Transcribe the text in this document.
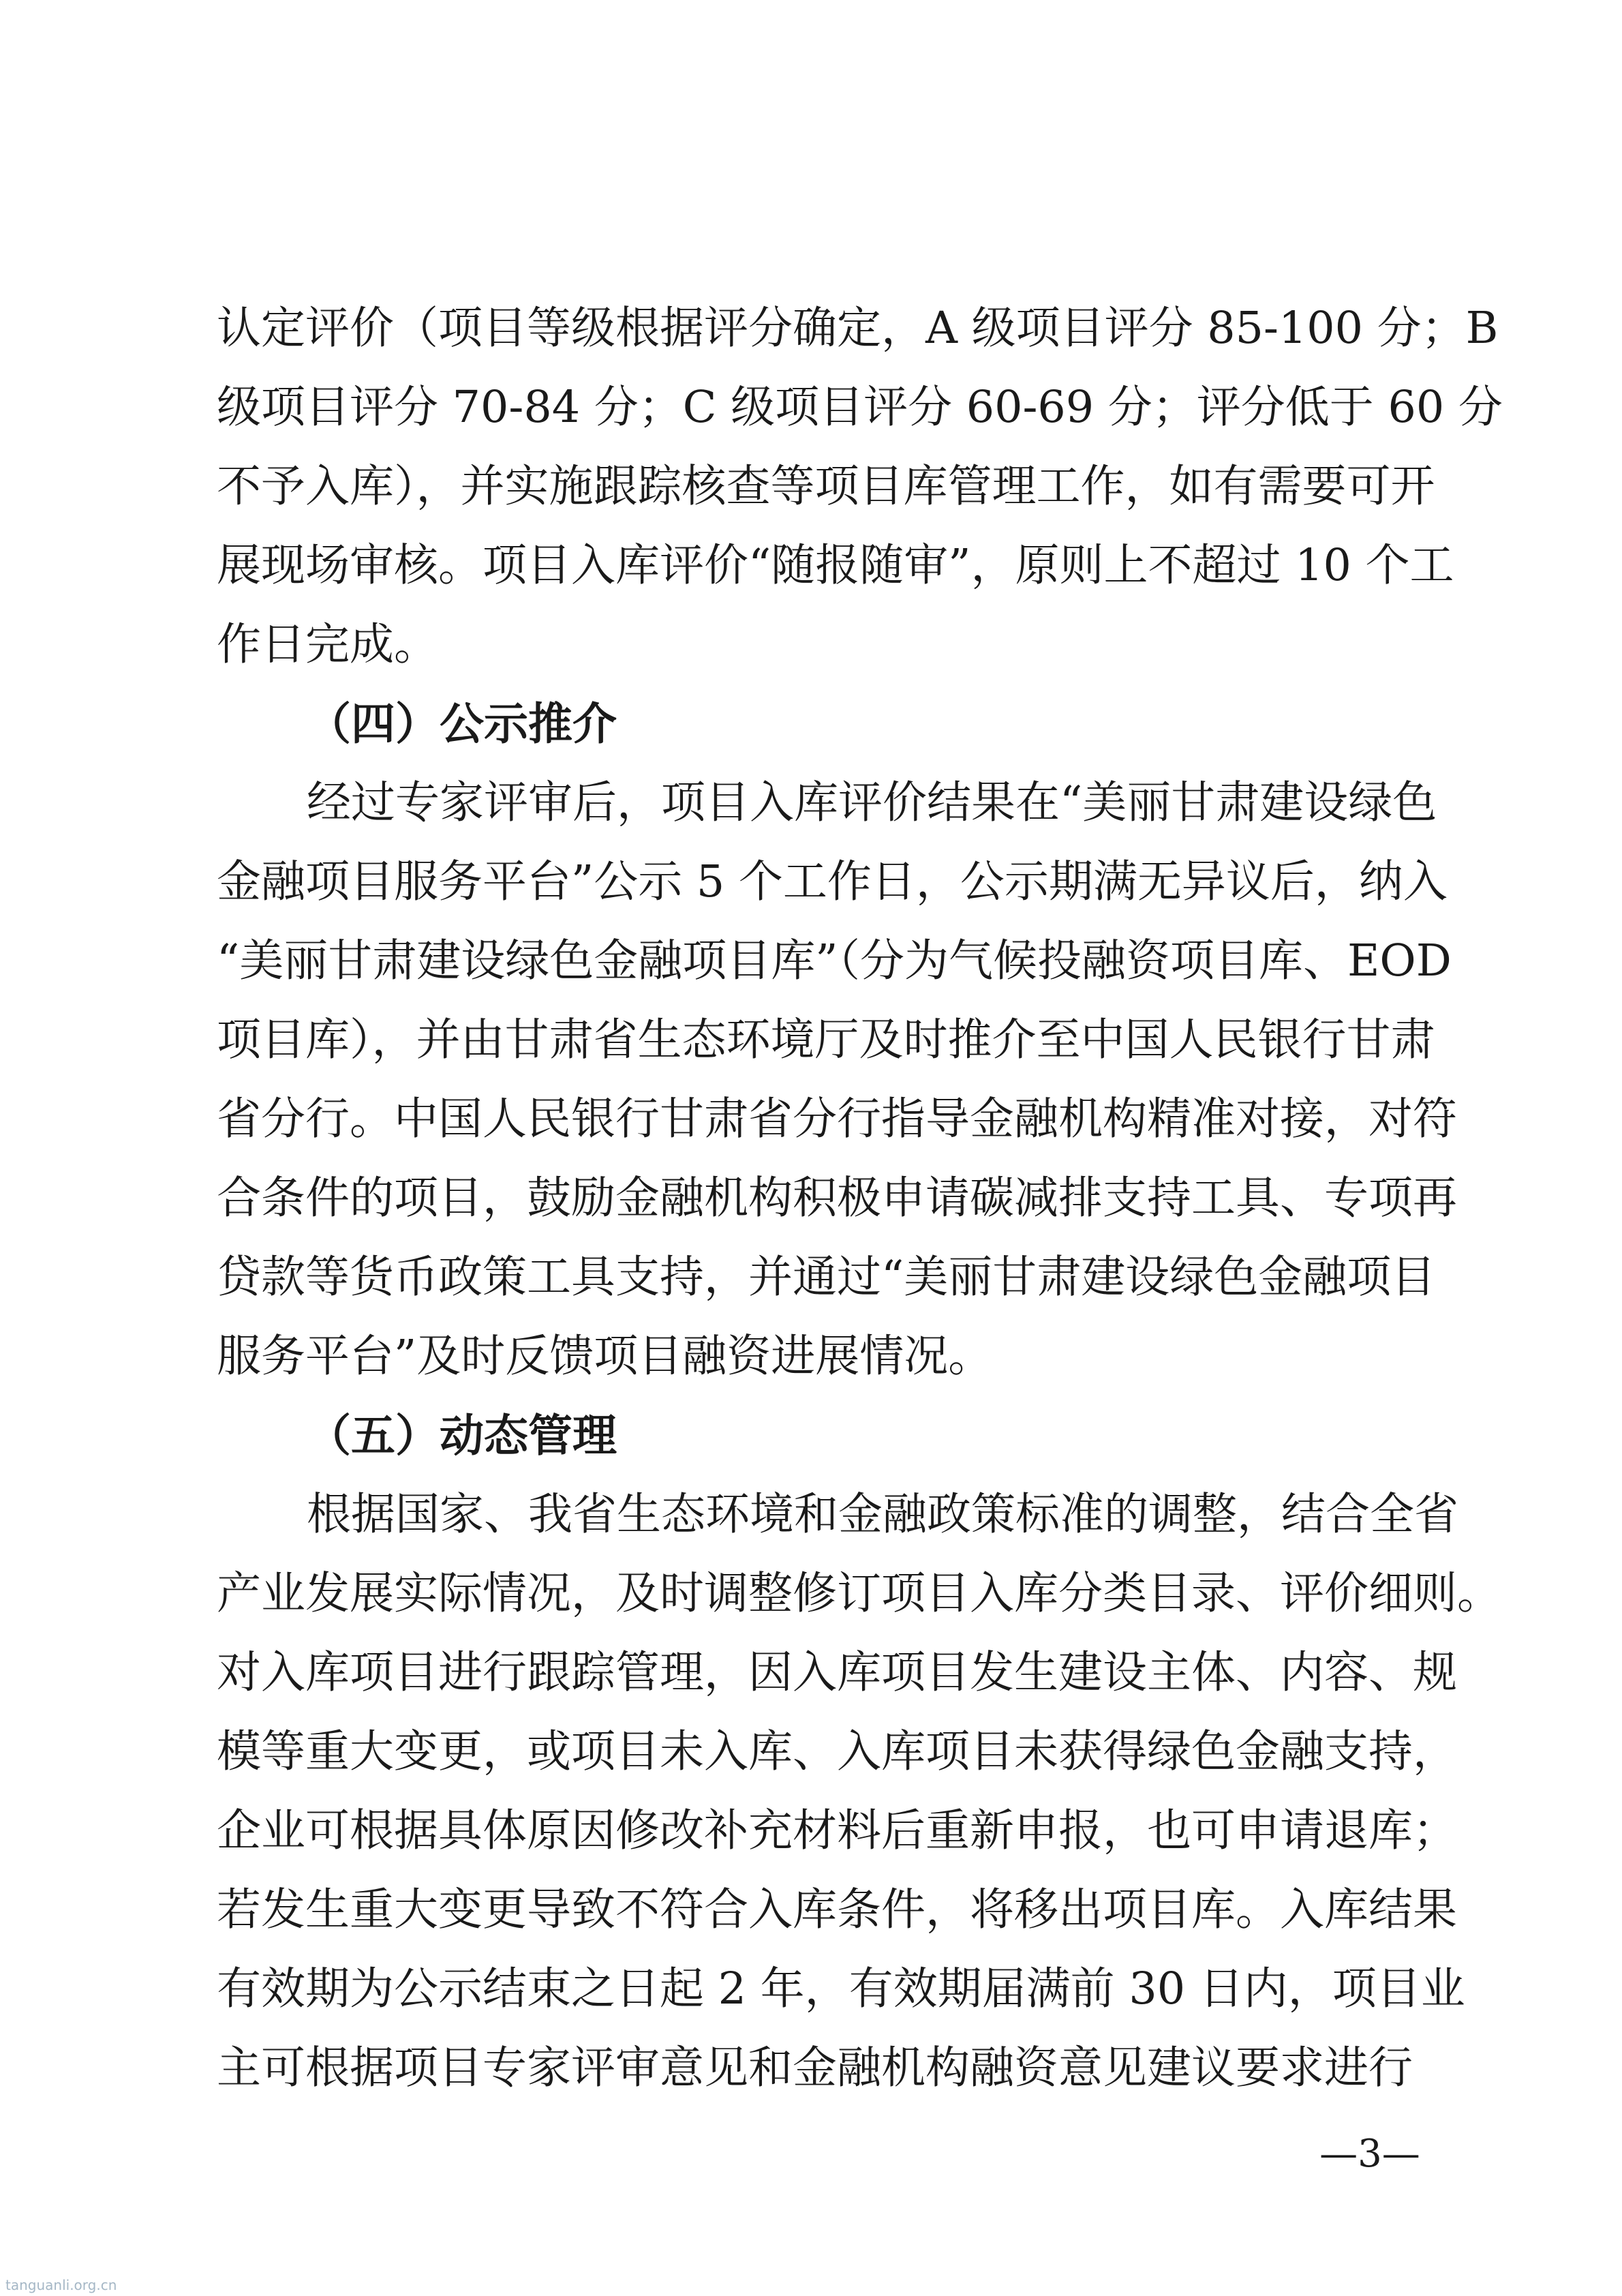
认定评价（项目等级根据评分确定，A 级项目评分 85-100 分；B
级项目评分 70-84 分；C 级项目评分 60-69 分；评分低于 60 分
不予入库），并实施跟踪核查等项目库管理工作，如有需要可开
展现场审核。项目入库评价“随报随审”，原则上不超过 10 个工
作日完成。
（四）公示推介
经过专家评审后，项目入库评价结果在“美丽甘肃建设绿色
金融项目服务平台”公示 5 个工作日，公示期满无异议后，纳入
“美丽甘肃建设绿色金融项目库”（分为气候投融资项目库、EOD
项目库），并由甘肃省生态环境厅及时推介至中国人民银行甘肃
省分行。中国人民银行甘肃省分行指导金融机构精准对接，对符
合条件的项目，鼓励金融机构积极申请碳减排支持工具、专项再
贷款等货币政策工具支持，并通过“美丽甘肃建设绿色金融项目
服务平台”及时反馈项目融资进展情况。
（五）动态管理
根据国家、我省生态环境和金融政策标准的调整，结合全省
产业发展实际情况，及时调整修订项目入库分类目录、评价细则。
对入库项目进行跟踪管理，因入库项目发生建设主体、内容、规
模等重大变更，或项目未入库、入库项目未获得绿色金融支持，
企业可根据具体原因修改补充材料后重新申报，也可申请退库；
若发生重大变更导致不符合入库条件，将移出项目库。入库结果
有效期为公示结束之日起 2 年，有效期届满前 30 日内，项目业
主可根据项目专家评审意见和金融机构融资意见建议要求进行
—3—
tanguanli.org.cn
